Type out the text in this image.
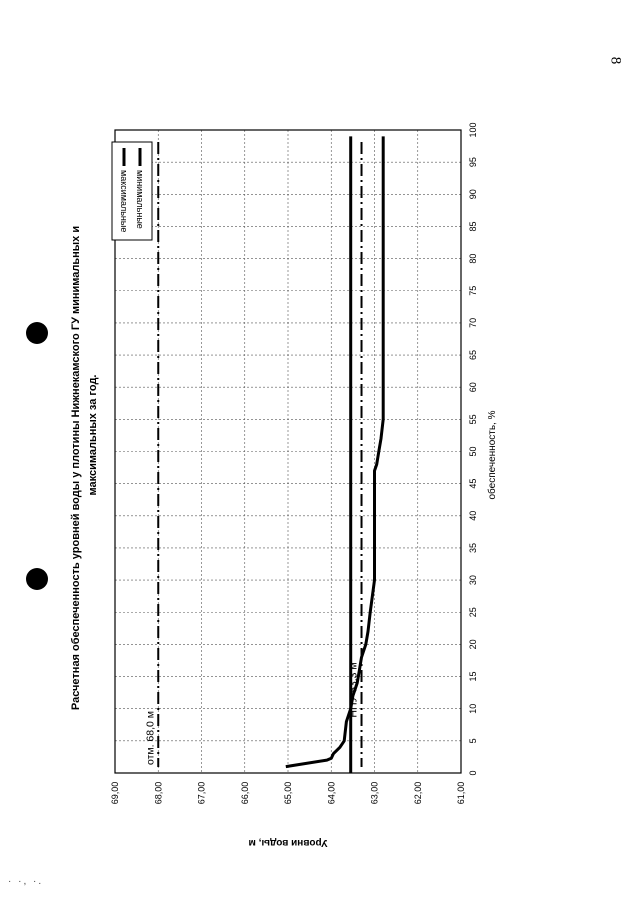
8
· ·, ·.
Расчетная обеспеченность уровней воды у плотины Нижнекамского ГУ минимальных и максимальных за год.	обеспеченность, %
Уровни воды, м
0
5
10
15
20
25
30
35
40
45
50
55
60
65
70
75
80
85
90
95
100
61,00
62,00
63,00
64,00
65,00
66,00
67,00
68,00
69,00
отм. 68,0 м
НПУ 63,3 м
минимальные
максимальные
